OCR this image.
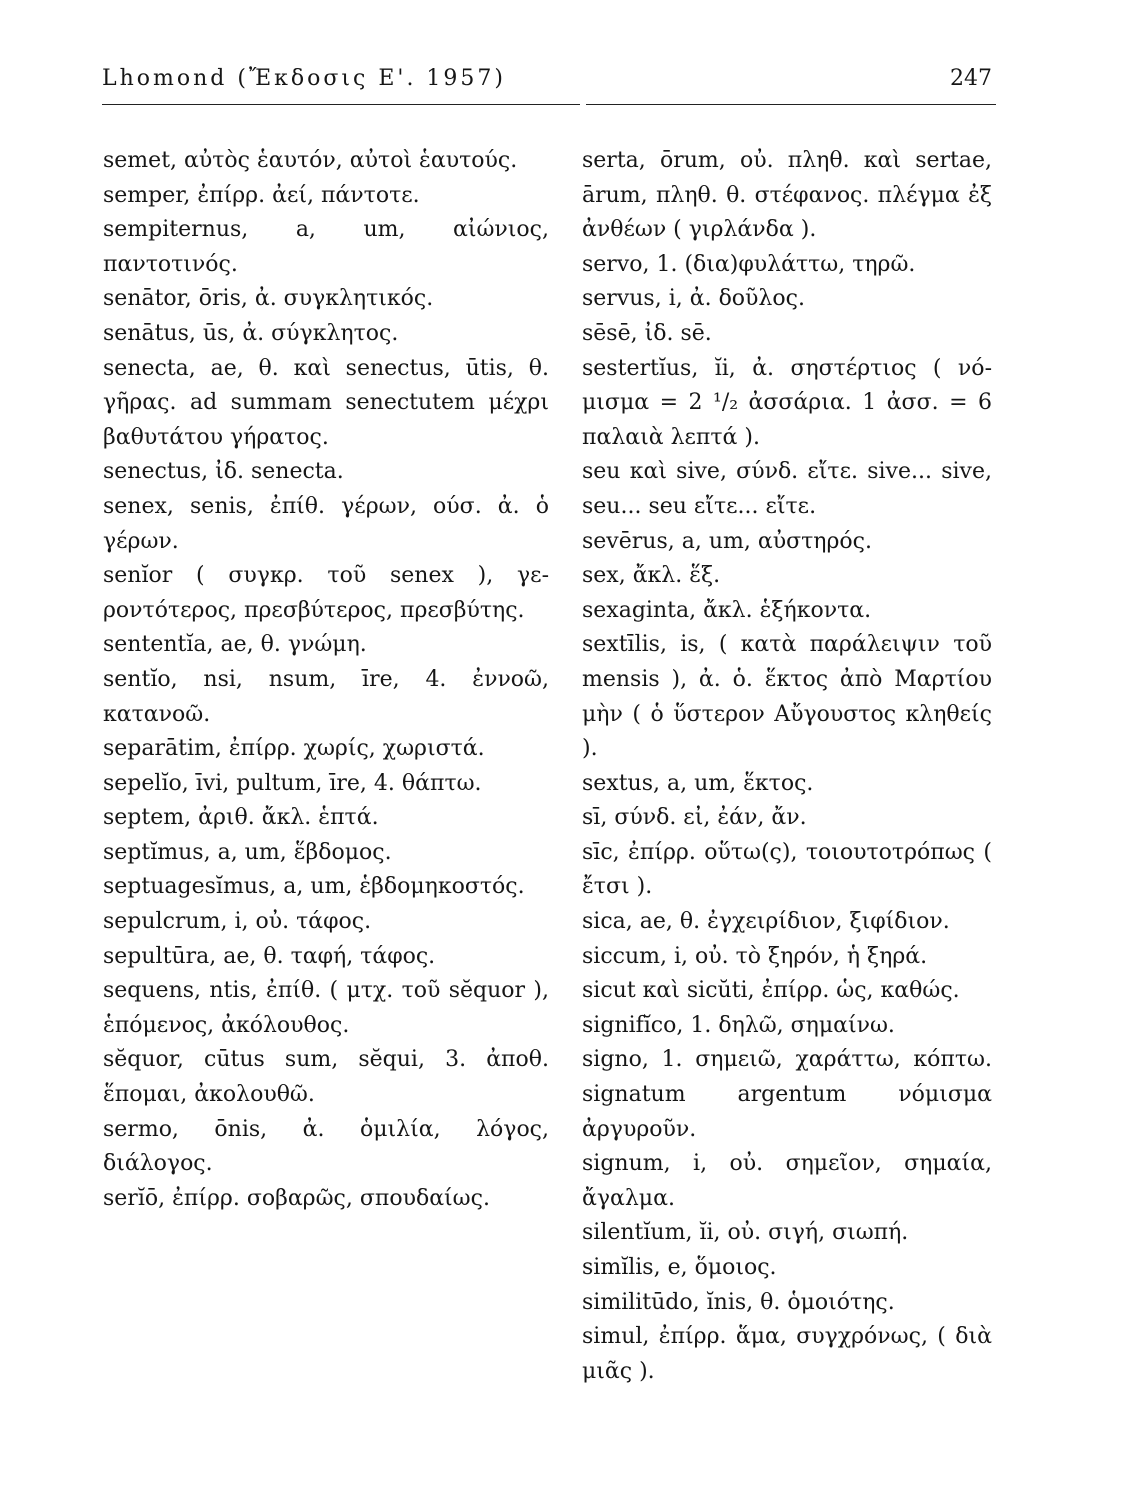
Lhomond (Ἔκδοσις Ε'. 1957)	247
semet, αὐτὸς ἑαυτόν, αὐτοὶ ἑαυτούς.
semper, ἐπίρρ. ἀεί, πάντοτε.
sempiternus, a, um, αἰώνιος, παντοτινός.
senātor, ōris, ἀ. συγκλητικός.
senātus, ūs, ἀ. σύγκλητος.
senecta, ae, θ. καὶ senectus, ūtis, θ. γῆρας. ad summam senectutem μέχρι βαθυτάτου γήρατος.
senectus, ἰδ. senecta.
senex, senis, ἐπίθ. γέρων, ούσ. ἀ. ὁ γέρων.
senĭor ( συγκρ. τοῦ senex ), γεροντότερος, πρεσβύτερος, πρεσβύτης.
sententĭa, ae, θ. γνώμη.
sentĭo, nsi, nsum, īre, 4. ἐννοῶ, κατανοῶ.
separātim, ἐπίρρ. χωρίς, χωριστά.
sepelĭo, īvi, pultum, īre, 4. θάπτω.
septem, ἀριθ. ἄκλ. ἑπτά.
septĭmus, a, um, ἕβδομος.
septuagesĭmus, a, um, ἑβδομηκοστός.
sepulcrum, i, οὐ. τάφος.
sepultūra, ae, θ. ταφή, τάφος.
sequens, ntis, ἐπίθ. ( μτχ. τοῦ sĕquor ), ἑπόμενος, ἀκόλουθος.
sĕquor, cūtus sum, sĕqui, 3. ἀποθ. ἕπομαι, ἀκολουθῶ.
sermo, ōnis, ἀ. ὁμιλία, λόγος, διάλογος.
serĭō, ἐπίρρ. σοβαρῶς, σπουδαίως.
serta, ōrum, οὐ. πληθ. καὶ sertae, ārum, πληθ. θ. στέφανος. πλέγμα ἐξ ἀνθέων ( γιρλάνδα ).
servo, 1. (δια)φυλάττω, τηρῶ.
servus, i, ἀ. δοῦλος.
sēsē, ἰδ. sē.
sestertĭus, ĭi, ἀ. σηστέρτιος ( νόμισμα = 2 ¹/₂ ἀσσάρια. 1 ἀσσ. = 6 παλαιὰ λεπτά ).
seu καὶ sive, σύνδ. εἴτε. sive... sive, seu... seu εἴτε... εἴτε.
sevērus, a, um, αὐστηρός.
sex, ἄκλ. ἕξ.
sexaginta, ἄκλ. ἑξήκοντα.
sextīlis, is, ( κατὰ παράλειψιν τοῦ mensis ), ἀ. ὁ. ἕκτος ἀπὸ Μαρτίου μὴν ( ὁ ὕστερον Αὔγουστος κληθείς ).
sextus, a, um, ἕκτος.
sī, σύνδ. εἰ, ἐάν, ἄν.
sīc, ἐπίρρ. οὕτω(ς), τοιουτοτρόπως ( ἔτσι ).
sica, ae, θ. ἐγχειρίδιον, ξιφίδιον.
siccum, i, οὐ. τὸ ξηρόν, ἡ ξηρά.
sicut καὶ sicŭti, ἐπίρρ. ὡς, καθώς.
signifĭco, 1. δηλῶ, σημαίνω.
signo, 1. σημειῶ, χαράττω, κόπτω. signatum argentum νόμισμα ἀργυροῦν.
signum, i, οὐ. σημεῖον, σημαία, ἄγαλμα.
silentĭum, ĭi, οὐ. σιγή, σιωπή.
simĭlis, e, ὅμοιος.
similitūdo, ĭnis, θ. ὁμοιότης.
simul, ἐπίρρ. ἅμα, συγχρόνως, ( διὰ μιᾶς ).
